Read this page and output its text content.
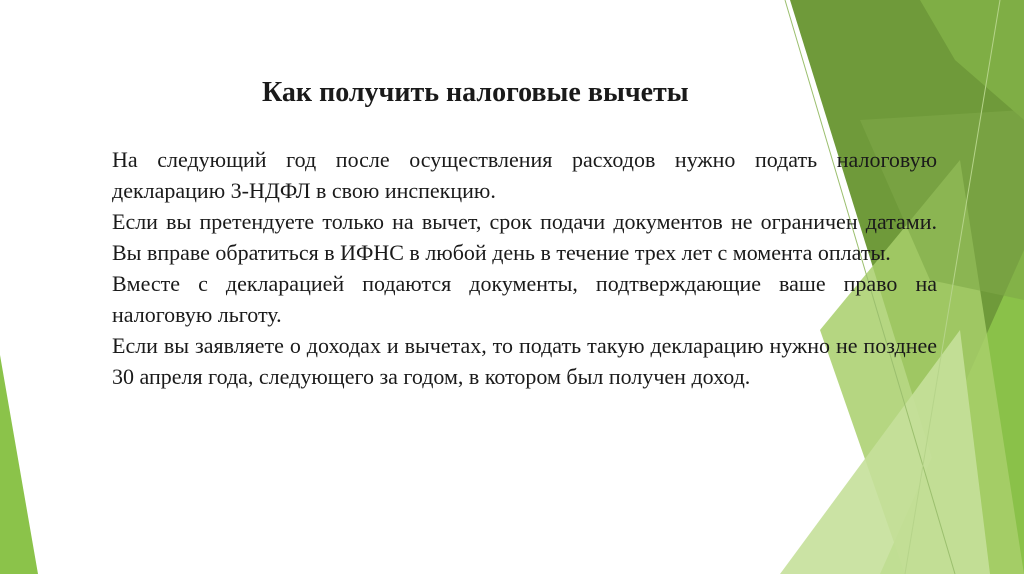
Как получить налоговые вычеты

На следующий год после осуществления расходов нужно подать налоговую декларацию 3-НДФЛ в свою инспекцию.

Если вы претендуете только на вычет, срок подачи документов не ограничен датами. Вы вправе обратиться в ИФНС в любой день в течение трех лет с момента оплаты.

Вместе с декларацией подаются документы, подтверждающие ваше право на налоговую льготу.

Если вы заявляете о доходах и вычетах, то подать такую декларацию нужно не позднее 30 апреля года, следующего за годом, в котором был получен доход.
